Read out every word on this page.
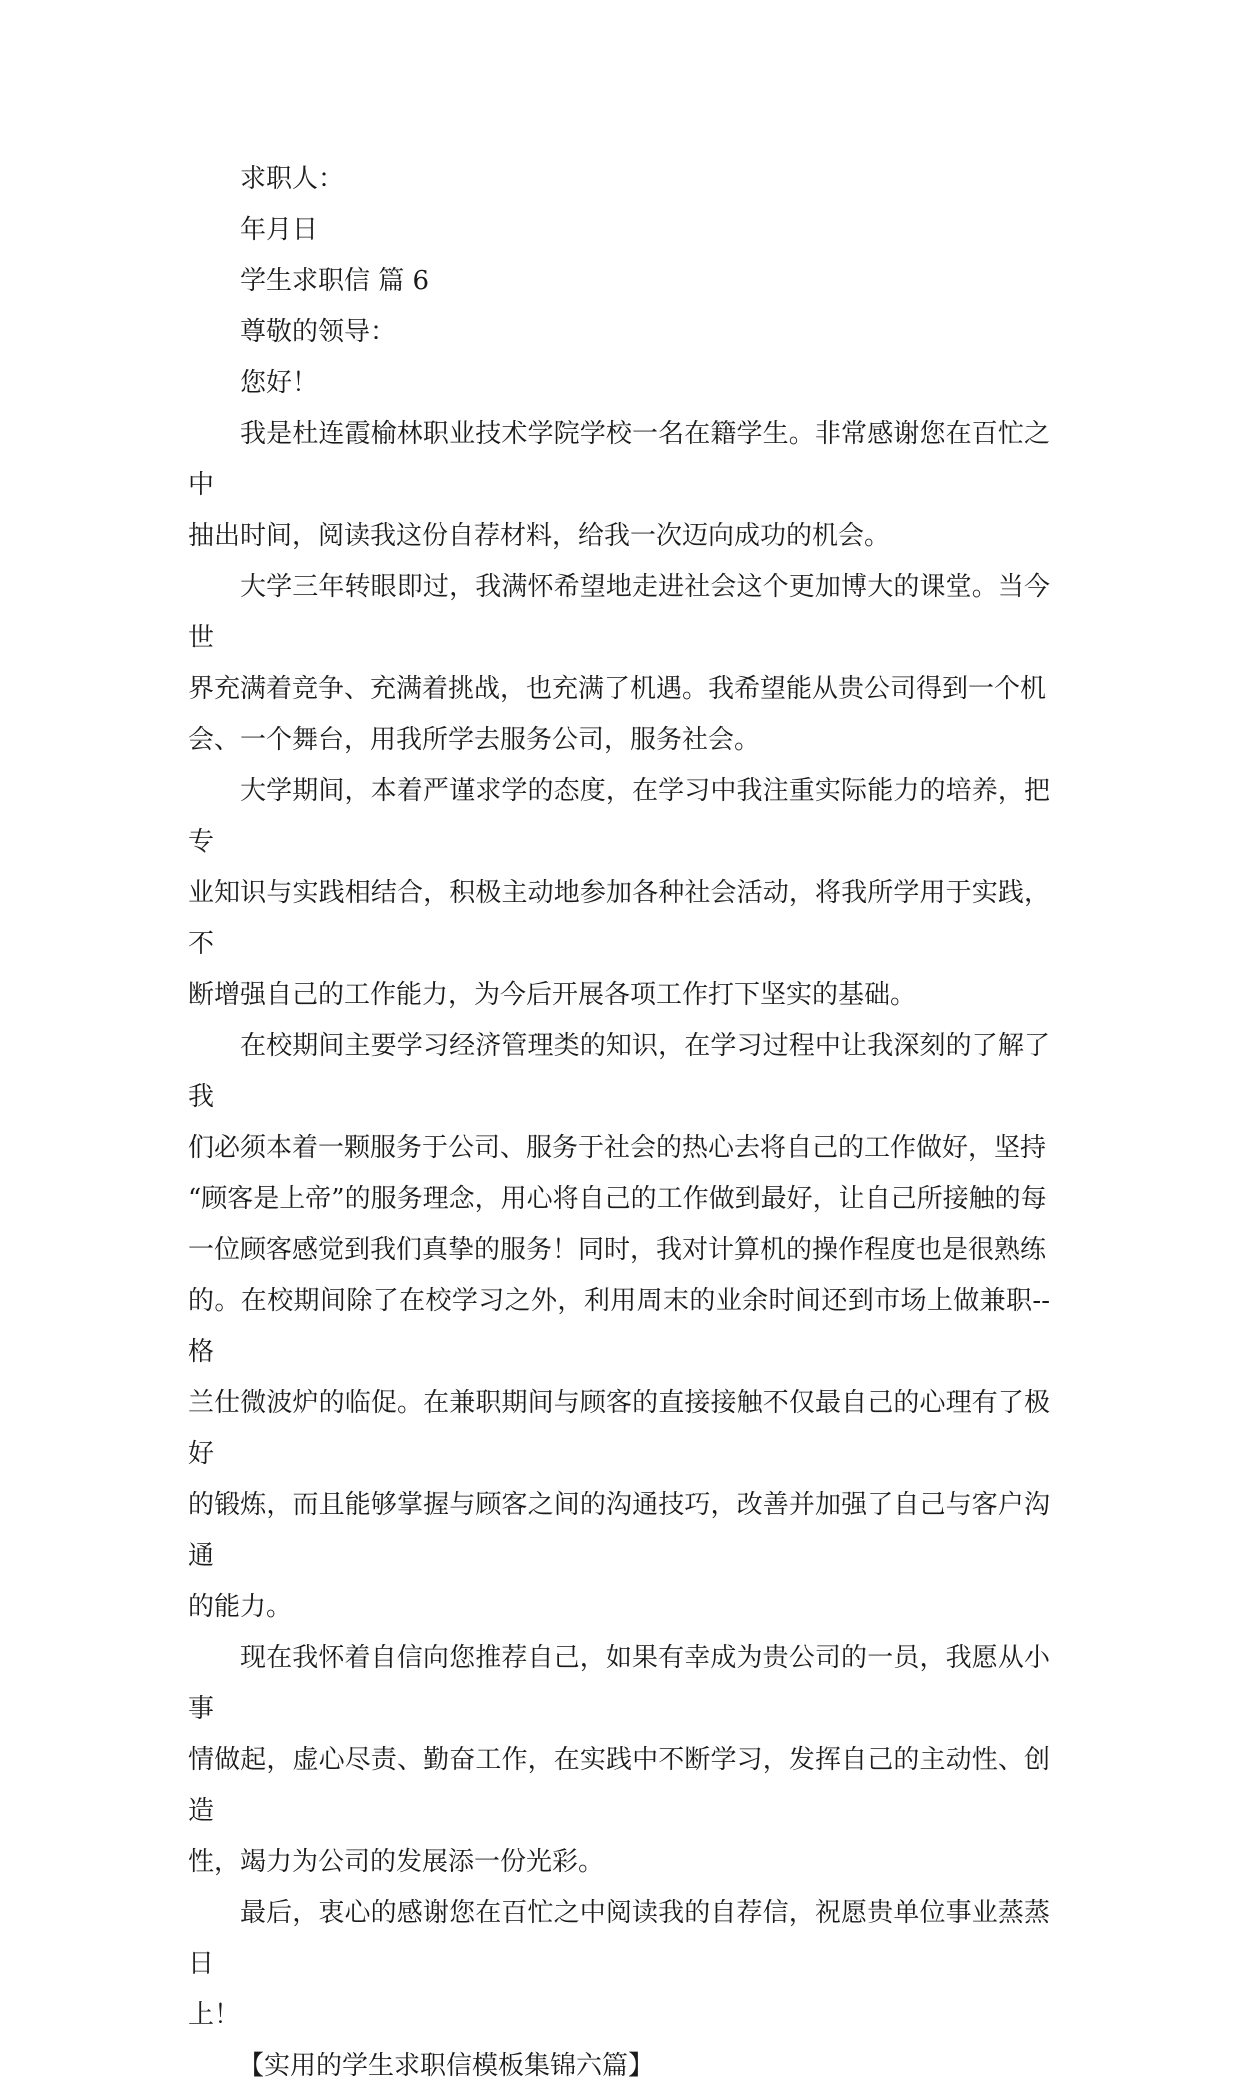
求职人：

年月日

学生求职信 篇 6

尊敬的领导：

您好！

我是杜连霞榆林职业技术学院学校一名在籍学生。非常感谢您在百忙之中
抽出时间，阅读我这份自荐材料，给我一次迈向成功的机会。

大学三年转眼即过，我满怀希望地走进社会这个更加博大的课堂。当今世
界充满着竞争、充满着挑战，也充满了机遇。我希望能从贵公司得到一个机
会、一个舞台，用我所学去服务公司，服务社会。

大学期间，本着严谨求学的态度，在学习中我注重实际能力的培养，把专
业知识与实践相结合，积极主动地参加各种社会活动，将我所学用于实践，不
断增强自己的工作能力，为今后开展各项工作打下坚实的基础。

在校期间主要学习经济管理类的知识，在学习过程中让我深刻的了解了我
们必须本着一颗服务于公司、服务于社会的热心去将自己的工作做好，坚持
“顾客是上帝”的服务理念，用心将自己的工作做到最好，让自己所接触的每
一位顾客感觉到我们真挚的服务！同时，我对计算机的操作程度也是很熟练
的。在校期间除了在校学习之外，利用周末的业余时间还到市场上做兼职--格
兰仕微波炉的临促。在兼职期间与顾客的直接接触不仅最自己的心理有了极好
的锻炼，而且能够掌握与顾客之间的沟通技巧，改善并加强了自己与客户沟通
的能力。

现在我怀着自信向您推荐自己，如果有幸成为贵公司的一员，我愿从小事
情做起，虚心尽责、勤奋工作，在实践中不断学习，发挥自己的主动性、创造
性，竭力为公司的发展添一份光彩。

最后，衷心的感谢您在百忙之中阅读我的自荐信，祝愿贵单位事业蒸蒸日
上！

【实用的学生求职信模板集锦六篇】
